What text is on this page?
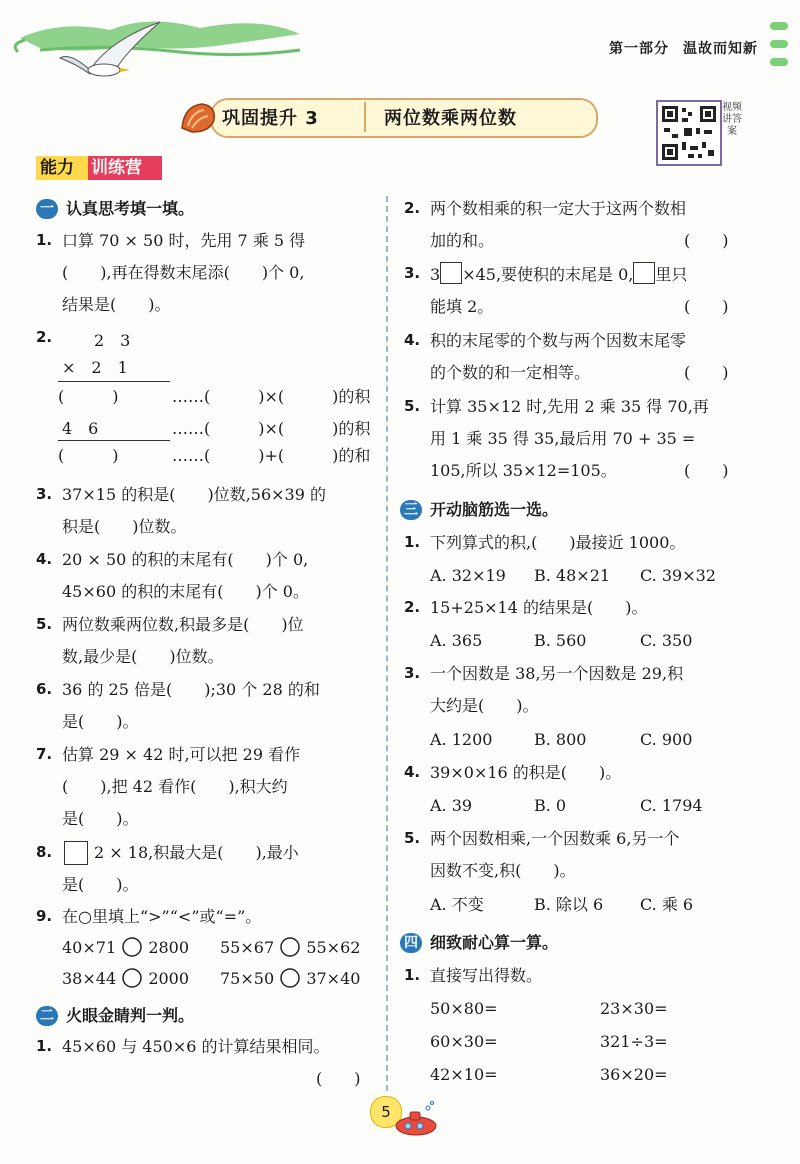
第一部分 温故而知新
巩固提升 3	两位数乘两位数
视频讲答案
能力	训练营
一 认真思考填一填。
1. 口算 70 × 50 时，先用 7 乘 5 得
(　　),再在得数末尾添(　　)个 0,
结果是(　　)。
2.	2　3
×　2　1
(　　　)	……(　　　)×(　　　)的积
4　6	……(　　　)×(　　　)的积
(　　　)	……(　　　)+(　　　)的和
3. 37×15 的积是(　　)位数,56×39 的
积是(　　)位数。
4. 20 × 50 的积的末尾有(　　)个 0,
45×60 的积的末尾有(　　)个 0。
5. 两位数乘两位数,积最多是(　　)位
数,最少是(　　)位数。
6. 36 的 25 倍是(　　);30 个 28 的和
是(　　)。
7. 估算 29 × 42 时,可以把 29 看作
(　　),把 42 看作(　　),积大约
是(　　)。
8.	2 × 18,积最大是(　　),最小
是(　　)。
9. 在○里填上“>”“<”或“=”。
40×71 2800 55×67 55×62
38×44 2000 75×50 37×40
二 火眼金睛判一判。
1. 45×60 与 450×6 的计算结果相同。
(　　)
2. 两个数相乘的积一定大于这两个数相
加的和。	(　　)
3. 3 ×45,要使积的末尾是 0, 里只
能填 2。	(　　)
4. 积的末尾零的个数与两个因数末尾零
的个数的和一定相等。	(　　)
5. 计算 35×12 时,先用 2 乘 35 得 70,再
用 1 乘 35 得 35,最后用 70 + 35 =
105,所以 35×12=105。	(　　)
三 开动脑筋选一选。
1. 下列算式的积,(　　)最接近 1000。
A. 32×19 B. 48×21 C. 39×32
2. 15+25×14 的结果是(　　)。
A. 365	B. 560	C. 350
3. 一个因数是 38,另一个因数是 29,积
大约是(　　)。
A. 1200	B. 800	C. 900
4. 39×0×16 的积是(　　)。
A. 39	B. 0	C. 1794
5. 两个因数相乘,一个因数乘 6,另一个
因数不变,积(　　)。
A. 不变	B. 除以 6 C. 乘 6
四 细致耐心算一算。
1. 直接写出得数。
50×80=	23×30=
60×30=	321÷3=
42×10=	36×20=
5
